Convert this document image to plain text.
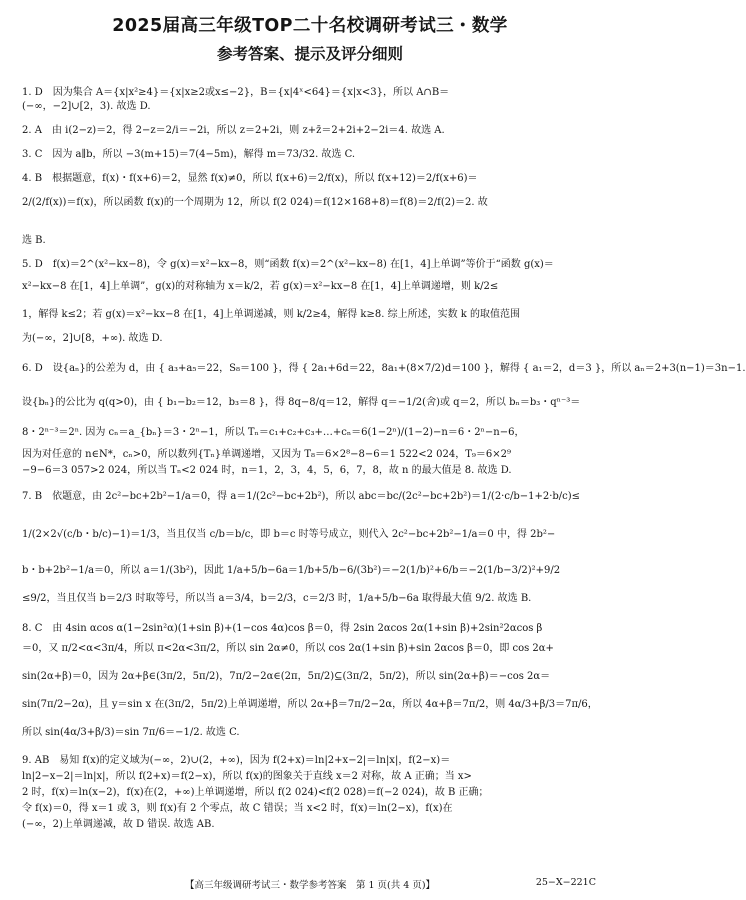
2025届高三年级TOP二十名校调研考试三・数学
参考答案、提示及评分细则
1. D　因为集合 A＝{x|x²≥4}＝{x|x≥2或x≤−2}，B＝{x|4ˣ<64}＝{x|x<3}，所以 A∩B＝
(−∞，−2]∪[2，3). 故选 D.
2. A　由 i(2−z)＝2，得 2−z＝2/i＝−2i，所以 z＝2+2i，则 z+z̄＝2+2i+2−2i＝4. 故选 A.
3. C　因为 a∥b，所以 −3(m+15)＝7(4−5m)，解得 m＝73/32. 故选 C.
4. B　根据题意，f(x)・f(x+6)＝2，显然 f(x)≠0，所以 f(x+6)＝2/f(x)，所以 f(x+12)＝2/f(x+6)＝
2/(2/f(x))＝f(x)，所以函数 f(x)的一个周期为 12，所以 f(2 024)＝f(12×168+8)＝f(8)＝2/f(2)＝2. 故
选 B.
5. D　f(x)＝2^(x²−kx−8)，令 g(x)＝x²−kx−8，则“函数 f(x)＝2^(x²−kx−8) 在[1，4]上单调”等价于“函数 g(x)＝
x²−kx−8 在[1，4]上单调”，g(x)的对称轴为 x＝k/2，若 g(x)＝x²−kx−8 在[1，4]上单调递增，则 k/2≤
1，解得 k≤2；若 g(x)＝x²−kx−8 在[1，4]上单调递减，则 k/2≥4，解得 k≥8. 综上所述，实数 k 的取值范围
为(−∞，2]∪[8，+∞). 故选 D.
6. D　设{aₙ}的公差为 d，由 { a₃+a₅＝22，S₈＝100 }，得 { 2a₁+6d＝22，8a₁+(8×7/2)d＝100 }，解得 { a₁＝2，d＝3 }，所以 aₙ＝2+3(n−1)＝3n−1.
设{bₙ}的公比为 q(q>0)，由 { b₁−b₂＝12，b₃＝8 }，得 8q−8/q＝12，解得 q＝−1/2(舍)或 q＝2，所以 bₙ＝b₃・qⁿ⁻³＝
8・2ⁿ⁻³＝2ⁿ. 因为 cₙ＝a_{bₙ}＝3・2ⁿ−1，所以 Tₙ＝c₁+c₂+c₃+…+cₙ＝6(1−2ⁿ)/(1−2)−n＝6・2ⁿ−n−6，
因为对任意的 n∈N*，cₙ>0，所以数列{Tₙ}单调递增，又因为 T₈＝6×2⁸−8−6＝1 522<2 024，T₉＝6×2⁹
−9−6＝3 057>2 024，所以当 Tₙ<2 024 时，n＝1，2，3，4，5，6，7，8，故 n 的最大值是 8. 故选 D.
7. B　依题意，由 2c²−bc+2b²−1/a＝0，得 a＝1/(2c²−bc+2b²)，所以 abc＝bc/(2c²−bc+2b²)＝1/(2·c/b−1+2·b/c)≤
1/(2×2√(c/b・b/c)−1)＝1/3，当且仅当 c/b＝b/c，即 b＝c 时等号成立，则代入 2c²−bc+2b²−1/a＝0 中，得 2b²−
b・b+2b²−1/a＝0，所以 a＝1/(3b²)，因此 1/a+5/b−6a＝1/b+5/b−6/(3b²)＝−2(1/b)²+6/b＝−2(1/b−3/2)²+9/2
≤9/2，当且仅当 b＝2/3 时取等号，所以当 a＝3/4，b＝2/3，c＝2/3 时，1/a+5/b−6a 取得最大值 9/2. 故选 B.
8. C　由 4sin αcos α(1−2sin²α)(1+sin β)+(1−cos 4α)cos β＝0，得 2sin 2αcos 2α(1+sin β)+2sin²2αcos β
＝0，又 π/2<α<3π/4，所以 π<2α<3π/2，所以 sin 2α≠0，所以 cos 2α(1+sin β)+sin 2αcos β＝0，即 cos 2α+
sin(2α+β)＝0，因为 2α+β∈(3π/2，5π/2)，7π/2−2α∈(2π，5π/2)⊆(3π/2，5π/2)，所以 sin(2α+β)＝−cos 2α＝
sin(7π/2−2α)，且 y＝sin x 在(3π/2，5π/2)上单调递增，所以 2α+β＝7π/2−2α，所以 4α+β＝7π/2，则 4α/3+β/3＝7π/6，
所以 sin(4α/3+β/3)＝sin 7π/6＝−1/2. 故选 C.
9. AB　易知 f(x)的定义域为(−∞，2)∪(2，+∞)，因为 f(2+x)＝ln|2+x−2|＝ln|x|，f(2−x)＝
ln|2−x−2|＝ln|x|，所以 f(2+x)＝f(2−x)，所以 f(x)的图象关于直线 x＝2 对称，故 A 正确；当 x>
2 时，f(x)＝ln(x−2)，f(x)在(2，+∞)上单调递增，所以 f(2 024)<f(2 028)＝f(−2 024)，故 B 正确；
令 f(x)＝0，得 x＝1 或 3，则 f(x)有 2 个零点，故 C 错误；当 x<2 时，f(x)＝ln(2−x)，f(x)在
(−∞，2)上单调递减，故 D 错误. 故选 AB.
【高三年级调研考试三・数学参考答案　第 1 页(共 4 页)】	25−X−221C
